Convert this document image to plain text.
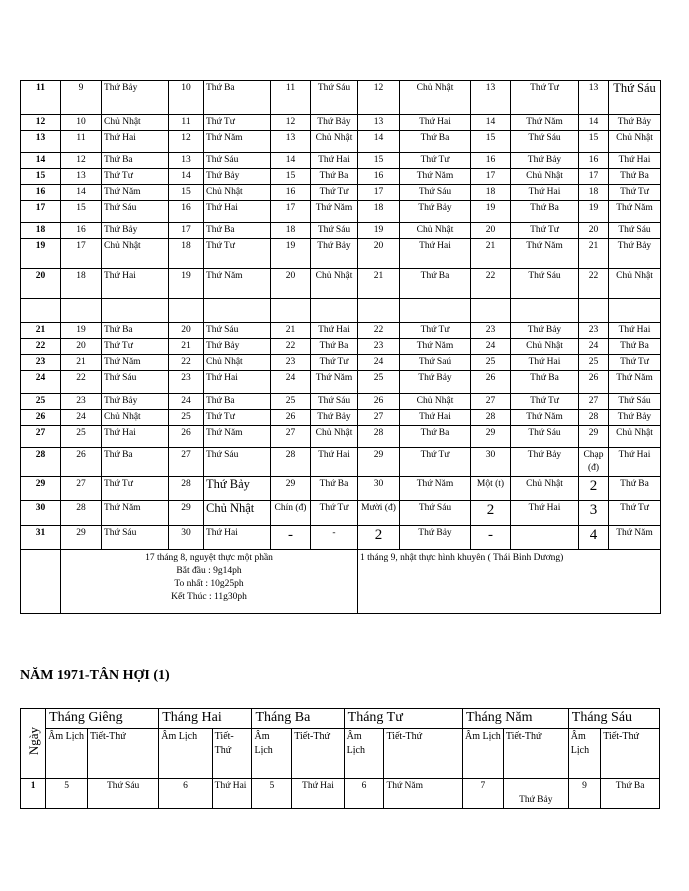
11	9	Thứ Bảy	10	Thứ Ba	11	Thứ Sáu	12	Chủ Nhật	13	Thứ Tư	13	Thứ Sáu
12	10	Chủ Nhật	11	Thứ Tư	12	Thứ Bảy	13	Thứ Hai	14	Thứ Năm	14	Thứ Bảy
13	11	Thứ Hai	12	Thứ Năm	13	Chủ Nhật	14	Thứ Ba	15	Thứ Sáu	15	Chủ Nhật
14	12	Thứ Ba	13	Thứ Sáu	14	Thứ Hai	15	Thứ Tư	16	Thứ Bảy	16	Thứ Hai
15	13	Thứ Tư	14	Thứ Bảy	15	Thứ Ba	16	Thứ Năm	17	Chủ Nhật	17	Thứ Ba
16	14	Thứ Năm	15	Chủ Nhật	16	Thứ Tư	17	Thứ Sáu	18	Thứ Hai	18	Thứ Tư
17	15	Thứ Sáu	16	Thứ Hai	17	Thứ Năm	18	Thứ Bảy	19	Thứ Ba	19	Thứ Năm
18	16	Thứ Bảy	17	Thứ Ba	18	Thứ Sáu	19	Chủ Nhật	20	Thứ Tư	20	Thứ Sáu
19	17	Chủ Nhật	18	Thứ Tư	19	Thứ Bảy	20	Thứ Hai	21	Thứ Năm	21	Thứ Bảy
20	18	Thứ Hai	19	Thứ Năm	20	Chủ Nhật	21	Thứ Ba	22	Thứ Sáu	22	Chủ Nhật

21	19	Thứ Ba	20	Thứ Sáu	21	Thứ Hai	22	Thứ Tư	23	Thứ Bảy	23	Thứ Hai
22	20	Thứ Tư	21	Thứ Bảy	22	Thứ Ba	23	Thứ Năm	24	Chủ Nhật	24	Thứ Ba
23	21	Thứ Năm	22	Chủ Nhật	23	Thứ Tư	24	Thứ Saú	25	Thứ Hai	25	Thứ Tư
24	22	Thứ Sáu	23	Thứ Hai	24	Thứ Năm	25	Thứ Bảy	26	Thứ Ba	26	Thứ Năm
25	23	Thứ Bảy	24	Thứ Ba	25	Thứ Sáu	26	Chủ Nhật	27	Thứ Tư	27	Thứ Sáu
26	24	Chủ Nhật	25	Thứ Tư	26	Thứ Bảy	27	Thứ Hai	28	Thứ Năm	28	Thứ Bảy
27	25	Thứ Hai	26	Thứ Năm	27	Chủ Nhật	28	Thứ Ba	29	Thứ Sáu	29	Chủ Nhật
28	26	Thứ Ba	27	Thứ Sáu	28	Thứ Hai	29	Thứ Tư	30	Thứ Bảy	Chạp (đ)	Thứ Hai
29	27	Thứ Tư	28	Thứ Bảy	29	Thứ Ba	30	Thứ Năm	Một (t)	Chủ Nhật	2	Thứ Ba
30	28	Thứ Năm	29	Chủ Nhật	Chín (đ)	Thứ Tư	Mười (đ)	Thứ Sáu	2	Thứ Hai	3	Thứ Tư
31	29	Thứ Sáu	30	Thứ Hai	-	-	2	Thứ Bảy	-		4	Thứ Năm

	17 tháng 8, nguyệt thực một phần
Bắt đầu : 9g14ph
To nhất : 10g25ph
Kết Thúc : 11g30ph						1 tháng 9, nhật thực hình khuyên ( Thái Bỉnh Dương)					
NĂM 1971-TÂN HỢI (1)
Ngày	Tháng Giêng		Tháng Hai		Tháng Ba		Tháng Tư		Tháng Năm		Tháng Sáu	
	Âm Lịch	Tiết-Thứ	Âm Lịch	Tiết-Thứ	Âm Lịch	Tiết-Thứ	Âm Lịch	Tiết-Thứ	Âm Lịch	Tiết-Thứ	Âm Lịch	Tiết-Thứ
1	5	Thứ Sáu	6	Thứ Hai	5	Thứ Hai	6	Thứ Năm	7	Thứ Bảy	9	Thứ Ba
